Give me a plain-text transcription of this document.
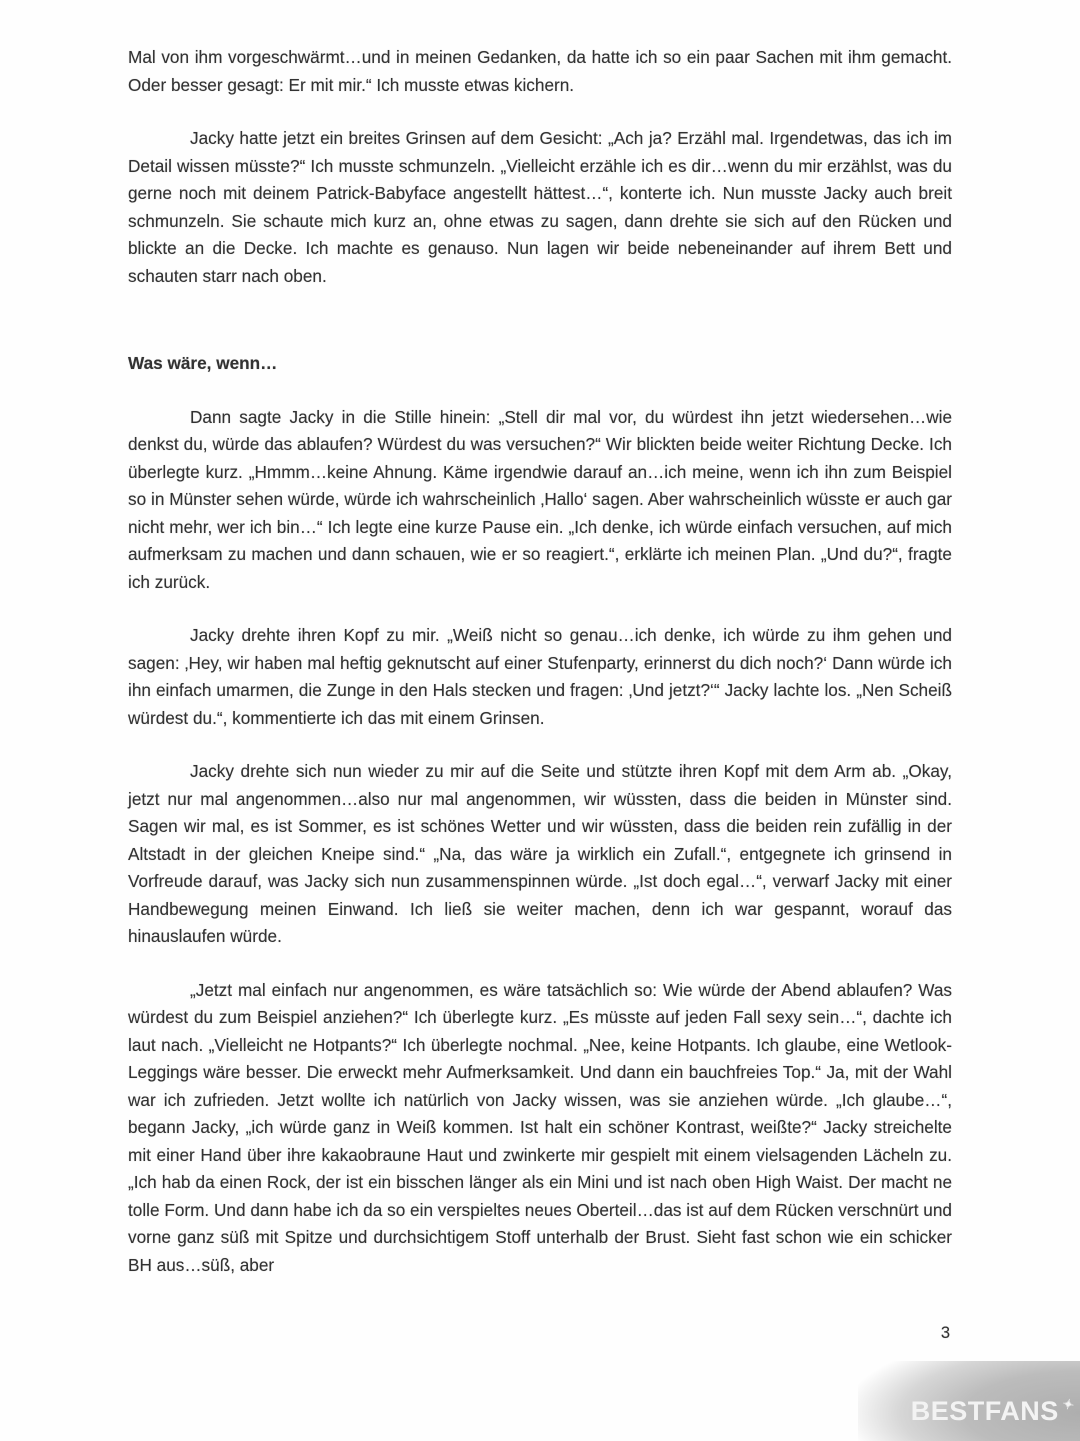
Mal von ihm vorgeschwärmt…und in meinen Gedanken, da hatte ich so ein paar Sachen mit ihm gemacht. Oder besser gesagt: Er mit mir.“ Ich musste etwas kichern.

Jacky hatte jetzt ein breites Grinsen auf dem Gesicht: „Ach ja? Erzähl mal. Irgendetwas, das ich im Detail wissen müsste?“ Ich musste schmunzeln. „Vielleicht erzähle ich es dir…wenn du mir erzählst, was du gerne noch mit deinem Patrick-Babyface angestellt hättest…“, konterte ich. Nun musste Jacky auch breit schmunzeln. Sie schaute mich kurz an, ohne etwas zu sagen, dann drehte sie sich auf den Rücken und blickte an die Decke. Ich machte es genauso. Nun lagen wir beide nebeneinander auf ihrem Bett und schauten starr nach oben.

Was wäre, wenn…

Dann sagte Jacky in die Stille hinein: „Stell dir mal vor, du würdest ihn jetzt wiedersehen…wie denkst du, würde das ablaufen? Würdest du was versuchen?“ Wir blickten beide weiter Richtung Decke. Ich überlegte kurz. „Hmmm…keine Ahnung. Käme irgendwie darauf an…ich meine, wenn ich ihn zum Beispiel so in Münster sehen würde, würde ich wahrscheinlich ‚Hallo‘ sagen. Aber wahrscheinlich wüsste er auch gar nicht mehr, wer ich bin…“ Ich legte eine kurze Pause ein. „Ich denke, ich würde einfach versuchen, auf mich aufmerksam zu machen und dann schauen, wie er so reagiert.“, erklärte ich meinen Plan. „Und du?“, fragte ich zurück.

Jacky drehte ihren Kopf zu mir. „Weiß nicht so genau…ich denke, ich würde zu ihm gehen und sagen: ‚Hey, wir haben mal heftig geknutscht auf einer Stufenparty, erinnerst du dich noch?‘ Dann würde ich ihn einfach umarmen, die Zunge in den Hals stecken und fragen: ‚Und jetzt?‘“ Jacky lachte los. „Nen Scheiß würdest du.“, kommentierte ich das mit einem Grinsen.

Jacky drehte sich nun wieder zu mir auf die Seite und stützte ihren Kopf mit dem Arm ab. „Okay, jetzt nur mal angenommen…also nur mal angenommen, wir wüssten, dass die beiden in Münster sind. Sagen wir mal, es ist Sommer, es ist schönes Wetter und wir wüssten, dass die beiden rein zufällig in der Altstadt in der gleichen Kneipe sind.“ „Na, das wäre ja wirklich ein Zufall.“, entgegnete ich grinsend in Vorfreude darauf, was Jacky sich nun zusammenspinnen würde. „Ist doch egal…“, verwarf Jacky mit einer Handbewegung meinen Einwand. Ich ließ sie weiter machen, denn ich war gespannt, worauf das hinauslaufen würde.

„Jetzt mal einfach nur angenommen, es wäre tatsächlich so: Wie würde der Abend ablaufen? Was würdest du zum Beispiel anziehen?“ Ich überlegte kurz. „Es müsste auf jeden Fall sexy sein…“, dachte ich laut nach. „Vielleicht ne Hotpants?“ Ich überlegte nochmal. „Nee, keine Hotpants. Ich glaube, eine Wetlook-Leggings wäre besser. Die erweckt mehr Aufmerksamkeit. Und dann ein bauchfreies Top.“ Ja, mit der Wahl war ich zufrieden. Jetzt wollte ich natürlich von Jacky wissen, was sie anziehen würde. „Ich glaube…“, begann Jacky, „ich würde ganz in Weiß kommen. Ist halt ein schöner Kontrast, weißte?“ Jacky streichelte mit einer Hand über ihre kakaobraune Haut und zwinkerte mir gespielt mit einem vielsagenden Lächeln zu. „Ich hab da einen Rock, der ist ein bisschen länger als ein Mini und ist nach oben High Waist. Der macht ne tolle Form. Und dann habe ich da so ein verspieltes neues Oberteil…das ist auf dem Rücken verschnürt und vorne ganz süß mit Spitze und durchsichtigem Stoff unterhalb der Brust. Sieht fast schon wie ein schicker BH aus…süß, aber

3
BESTFANS ✦
